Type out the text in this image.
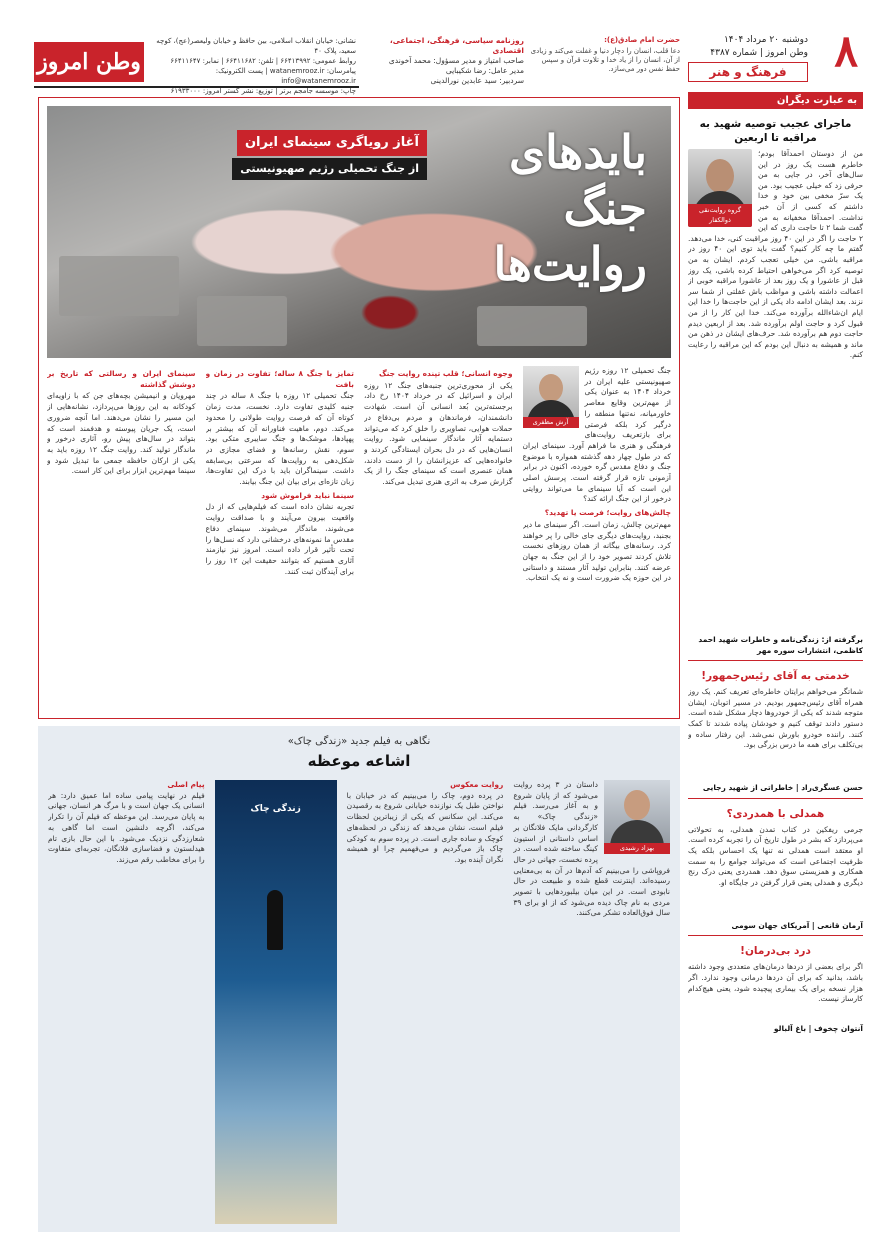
۸
دوشنبه ۲۰ مرداد ۱۴۰۴
وطن امروز | شماره ۴۳۸۷
فرهنگ و هنر
حضرت امام صادق(ع):
دعا قلب، انسان را دچار دنیا و غفلت می‌کند و زیادی از آن، انسان را از یاد خدا و تلاوت قرآن و سپس حفظ نفس دور می‌سازد.
روزنامه سیاسی، فرهنگی، اجتماعی، اقتصادی
صاحب امتیاز و مدیر مسؤول: محمد آخوندی
مدیر عامل: رضا شکیبایی
سردبیر: سید عابدین نورالدینی
نشانی: خیابان انقلاب اسلامی، بین حافظ و خیابان ولیعصر(عج)، کوچه سعید، پلاک ۴۰
روابط عمومی: ۶۶۴۱۳۹۹۲ | تلفن: ۶۶۴۱۱۶۸۲ | نمابر: ۶۶۴۱۱۶۴۷
پیامرسان: watanemrooz.ir | پست الکترونیک: info@watanemrooz.ir
چاپ: موسسه جامجم برتر | توزیع: نشر گستر امروز: ۶۱۹۳۳۰۰۰
وطن امروز
به عبارت دیگران
ماجرای عجیب توصیه شهید به مراقبه تا اربعین
گروه روایت‌نقی ذوالکفار
من از دوستان احمدآقا بودم؛ خاطرم هست یک روز در این سال‌های آخر، در جایی به من حرفی زد که خیلی عجیب بود. من یک سرّ مخفی بین خود و خدا داشتم که کسی از آن خبر نداشت. احمدآقا مخفیانه به من گفت شما ۲ تا حاجت داری که این ۲ حاجت را اگر در این ۴۰ روز مراقبت کنی، خدا می‌دهد. گفتم ما چه کار کنیم؟ گفت باید توی این ۴۰ روز در مراقبه باشی. من خیلی تعجب کردم. ایشان به من توصیه کرد اگر می‌خواهی احتیاط کرده باشی، یک روز قبل از عاشورا و یک روز بعد از عاشورا مراقبه خوبی از اعمالت داشته باشی و مواظب باش غفلتی از شما سر نزند. بعد ایشان ادامه داد یکی از این حاجت‌ها را خدا این ایام ان‌شاءالله برآورده می‌کند. خدا این کار را از من قبول کرد و حاجت اولم برآورده شد. بعد از اربعین دیدم حاجت دوم هم برآورده شد. حرف‌های ایشان در ذهن من ماند و همیشه به دنبال این بودم که این مراقبه را رعایت کنم.
برگرفته از: زندگی‌نامه و خاطرات شهید احمد کاظمی، انتشارات سوره مهر
خدمتی به آقای رئیس‌جمهور!
شماتگر می‌خواهم برایتان خاطره‌ای تعریف کنم. یک روز همراه آقای رئیس‌جمهور بودیم. در مسیر اتوبان، ایشان متوجه شدند که یکی از خودروها دچار مشکل شده است. دستور دادند توقف کنیم و خودشان پیاده شدند تا کمک کنند. راننده خودرو باورش نمی‌شد. این رفتار ساده و بی‌تکلف برای همه ما درس بزرگی بود.
حسن عسگری‌راد | خاطراتی از شهید رجایی
همدلی با همدردی؟
جرمی ریفکین در کتاب تمدن همدلی، به تحولاتی می‌پردازد که بشر در طول تاریخ آن را تجربه کرده است. او معتقد است همدلی نه تنها یک احساس بلکه یک ظرفیت اجتماعی است که می‌تواند جوامع را به سمت همکاری و همزیستی سوق دهد. همدردی یعنی درک رنج دیگری و همدلی یعنی قرار گرفتن در جایگاه او.
آرمان قانعی | آمریکای جهان سومی
درد بی‌درمان!
اگر برای بعضی از دردها درمان‌های متعددی وجود داشته باشد، بدانید که برای آن دردها درمانی وجود ندارد. اگر هزار نسخه برای یک بیماری پیچیده شود، یعنی هیچ‌کدام کارساز نیست.
آنتوان چخوف | باغ آلبالو
بایدهای جنگ روایت‌ها
آغاز رویاگری سینمای ایران
از جنگ تحمیلی رژیم صهیونیستی
آرش مظفری
جنگ تحمیلی ۱۲ روزه رژیم صهیونیستی علیه ایران در خرداد ۱۴۰۴ به عنوان یکی از مهم‌ترین وقایع معاصر خاورمیانه، نه‌تنها منطقه را درگیر کرد بلکه فرصتی برای بازتعریف روایت‌های فرهنگی و هنری ما فراهم آورد. سینمای ایران که در طول چهار دهه گذشته همواره با موضوع جنگ و دفاع مقدس گره خورده، اکنون در برابر آزمونی تازه قرار گرفته است. پرسش اصلی این است که آیا سینمای ما می‌تواند روایتی درخور از این جنگ ارائه کند؟
چالش‌های روایت؛ فرصت یا تهدید؟
مهم‌ترین چالش، زمان است. اگر سینمای ما دیر بجنبد، روایت‌های دیگری جای خالی را پر خواهند کرد. رسانه‌های بیگانه از همان روزهای نخست تلاش کردند تصویر خود را از این جنگ به جهان عرضه کنند. بنابراین تولید آثار مستند و داستانی در این حوزه یک ضرورت است و نه یک انتخاب.
وجوه انسانی؛ قلب تپنده روایت جنگ
یکی از محوری‌ترین جنبه‌های جنگ ۱۲ روزه ایران و اسرائیل که در خرداد ۱۴۰۴ رخ داد، برجسته‌ترین بُعد انسانی آن است. شهادت دانشمندان، فرماندهان و مردم بی‌دفاع در حملات هوایی، تصاویری را خلق کرد که می‌تواند دستمایه آثار ماندگار سینمایی شود. روایت انسان‌هایی که در دل بحران ایستادگی کردند و خانواده‌هایی که عزیزانشان را از دست دادند، همان عنصری است که سینمای جنگ را از یک گزارش صرف به اثری هنری تبدیل می‌کند.
تمایز با جنگ ۸ ساله؛ تفاوت در زمان و بافت
جنگ تحمیلی ۱۲ روزه با جنگ ۸ ساله در چند جنبه کلیدی تفاوت دارد. نخست، مدت زمان کوتاه آن که فرصت روایت طولانی را محدود می‌کند. دوم، ماهیت فناورانه آن که بیشتر بر پهپادها، موشک‌ها و جنگ سایبری متکی بود. سوم، نقش رسانه‌ها و فضای مجازی در شکل‌دهی به روایت‌ها که سرعتی بی‌سابقه داشت. سینماگران باید با درک این تفاوت‌ها، زبان تازه‌ای برای بیان این جنگ بیابند.
سینما نباید فراموش شود
تجربه نشان داده است که فیلم‌هایی که از دل واقعیت بیرون می‌آیند و با صداقت روایت می‌شوند، ماندگار می‌شوند. سینمای دفاع مقدس ما نمونه‌های درخشانی دارد که نسل‌ها را تحت تأثیر قرار داده است. امروز نیز نیازمند آثاری هستیم که بتوانند حقیقت این ۱۲ روز را برای آیندگان ثبت کنند.
سینمای ایران و رسالتی که تاریخ بر دوشش گذاشته
مهرویان و انیمیشن بچه‌های جن که با زاویه‌ای کودکانه به این روزها می‌پردازد، نشانه‌هایی از این مسیر را نشان می‌دهند. اما آنچه ضروری است، یک جریان پیوسته و هدفمند است که بتواند در سال‌های پیش رو، آثاری درخور و ماندگار تولید کند. روایت جنگ ۱۲ روزه باید به یکی از ارکان حافظه جمعی ما تبدیل شود و سینما مهم‌ترین ابزار برای این کار است.
نگاهی به فیلم جدید «زندگی چاک»
اشاعه موعظه
بهزاد رشیدی
داستان در ۳ پرده روایت می‌شود که از پایان شروع و به آغاز می‌رسد. فیلم «زندگی چاک» به کارگردانی مایک فلانگان بر اساس داستانی از استیون کینگ ساخته شده است. در پرده نخست، جهانی در حال فروپاشی را می‌بینیم که آدم‌ها در آن به بی‌معنایی رسیده‌اند. اینترنت قطع شده و طبیعت در حال نابودی است. در این میان بیلبوردهایی با تصویر مردی به نام چاک دیده می‌شود که از او برای ۳۹ سال فوق‌العاده تشکر می‌کنند.
روایت معکوس
در پرده دوم، چاک را می‌بینیم که در خیابان با نواختن طبل یک نوازنده خیابانی شروع به رقصیدن می‌کند. این سکانس که یکی از زیباترین لحظات فیلم است، نشان می‌دهد که زندگی در لحظه‌های کوچک و ساده جاری است. در پرده سوم به کودکی چاک باز می‌گردیم و می‌فهمیم چرا او همیشه نگران آینده بود.
زندگی چاک
پیام اصلی
فیلم در نهایت پیامی ساده اما عمیق دارد: هر انسانی یک جهان است و با مرگ هر انسان، جهانی به پایان می‌رسد. این موعظه که فیلم آن را تکرار می‌کند، اگرچه دلنشین است اما گاهی به شعارزدگی نزدیک می‌شود. با این حال بازی تام هیدلستون و فضاسازی فلانگان، تجربه‌ای متفاوت را برای مخاطب رقم می‌زند.
